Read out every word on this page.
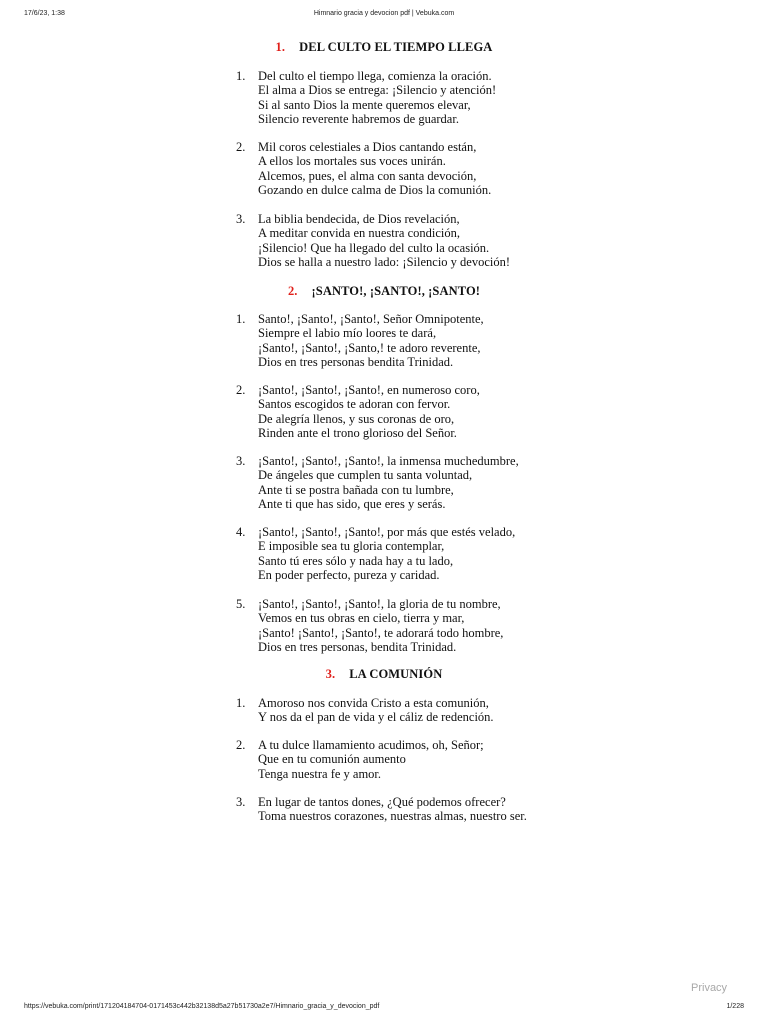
17/6/23, 1:38	Himnario gracia y devocion pdf | Vebuka.com
1. DEL CULTO EL TIEMPO LLEGA
1. Del culto el tiempo llega, comienza la oración.
El alma a Dios se entrega: ¡Silencio y atención!
Si al santo Dios la mente queremos elevar,
Silencio reverente habremos de guardar.
2. Mil coros celestiales a Dios cantando están,
A ellos los mortales sus voces unirán.
Alcemos, pues, el alma con santa devoción,
Gozando en dulce calma de Dios la comunión.
3. La biblia bendecida, de Dios revelación,
A meditar convida en nuestra condición,
¡Silencio! Que ha llegado del culto la ocasión.
Dios se halla a nuestro lado: ¡Silencio y devoción!
2. ¡SANTO!, ¡SANTO!, ¡SANTO!
1. Santo!, ¡Santo!, ¡Santo!, Señor Omnipotente,
Siempre el labio mío loores te dará,
¡Santo!, ¡Santo!, ¡Santo,! te adoro reverente,
Dios en tres personas bendita Trinidad.
2. ¡Santo!, ¡Santo!, ¡Santo!, en numeroso coro,
Santos escogidos te adoran con fervor.
De alegría llenos, y sus coronas de oro,
Rinden ante el trono glorioso del Señor.
3. ¡Santo!, ¡Santo!, ¡Santo!, la inmensa muchedumbre,
De ángeles que cumplen tu santa voluntad,
Ante ti se postra bañada con tu lumbre,
Ante ti que has sido, que eres y serás.
4. ¡Santo!, ¡Santo!, ¡Santo!, por más que estés velado,
E imposible sea tu gloria contemplar,
Santo tú eres sólo y nada hay a tu lado,
En poder perfecto, pureza y caridad.
5. ¡Santo!, ¡Santo!, ¡Santo!, la gloria de tu nombre,
Vemos en tus obras en cielo, tierra y mar,
¡Santo! ¡Santo!, ¡Santo!, te adorará todo hombre,
Dios en tres personas, bendita Trinidad.
3. LA COMUNIÓN
1. Amoroso nos convida Cristo a esta comunión,
Y nos da el pan de vida y el cáliz de redención.
2. A tu dulce llamamiento acudimos, oh, Señor;
Que en tu comunión aumento
Tenga nuestra fe y amor.
3. En lugar de tantos dones, ¿Qué podemos ofrecer?
Toma nuestros corazones, nuestras almas, nuestro ser.
Privacy
https://vebuka.com/print/17120418470​4-0171453c442b32138d5a27b51730a2e7/Himnario_gracia_y_devocion_pdf	1/228
